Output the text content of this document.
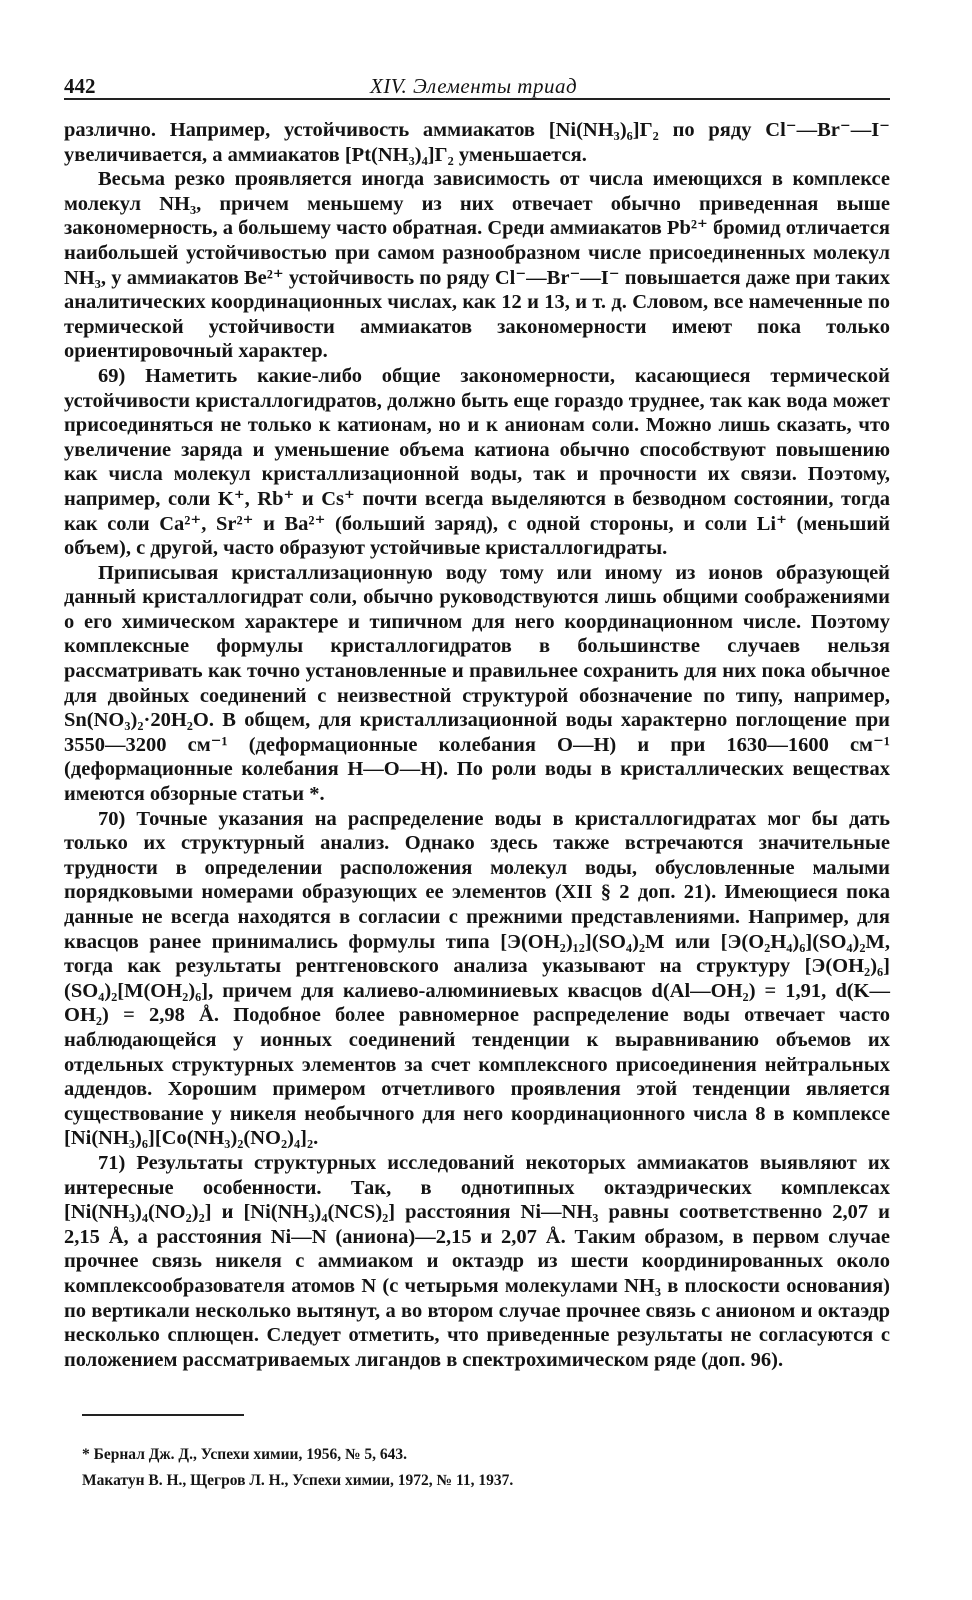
442	XIV. Элементы триад

различно. Например, устойчивость аммиакатов [Ni(NH₃)₆]Г₂ по ряду Cl⁻—Br⁻—I⁻ увеличивается, а аммиакатов [Pt(NH₃)₄]Г₂ уменьшается.

Весьма резко проявляется иногда зависимость от числа имеющихся в комплексе молекул NH₃, причем меньшему из них отвечает обычно приведенная выше закономерность, а большему часто обратная. Среди аммиакатов Pb²⁺ бромид отличается наибольшей устойчивостью при самом разнообразном числе присоединенных молекул NH₃, у аммиакатов Be²⁺ устойчивость по ряду Cl⁻—Br⁻—I⁻ повышается даже при таких аналитических координационных числах, как 12 и 13, и т. д. Словом, все намеченные по термической устойчивости аммиакатов закономерности имеют пока только ориентировочный характер.

69) Наметить какие-либо общие закономерности, касающиеся термической устойчивости кристаллогидратов, должно быть еще гораздо труднее, так как вода может присоединяться не только к катионам, но и к анионам соли. Можно лишь сказать, что увеличение заряда и уменьшение объема катиона обычно способствуют повышению как числа молекул кристаллизационной воды, так и прочности их связи. Поэтому, например, соли K⁺, Rb⁺ и Cs⁺ почти всегда выделяются в безводном состоянии, тогда как соли Ca²⁺, Sr²⁺ и Ba²⁺ (больший заряд), с одной стороны, и соли Li⁺ (меньший объем), с другой, часто образуют устойчивые кристаллогидраты.

Приписывая кристаллизационную воду тому или иному из ионов образующей данный кристаллогидрат соли, обычно руководствуются лишь общими соображениями о его химическом характере и типичном для него координационном числе. Поэтому комплексные формулы кристаллогидратов в большинстве случаев нельзя рассматривать как точно установленные и правильнее сохранить для них пока обычное для двойных соединений с неизвестной структурой обозначение по типу, например, Sn(NO₃)₂·20H₂O. В общем, для кристаллизационной воды характерно поглощение при 3550—3200 см⁻¹ (деформационные колебания O—H) и при 1630—1600 см⁻¹ (деформационные колебания H—O—H). По роли воды в кристаллических веществах имеются обзорные статьи *.

70) Точные указания на распределение воды в кристаллогидратах мог бы дать только их структурный анализ. Однако здесь также встречаются значительные трудности в определении расположения молекул воды, обусловленные малыми порядковыми номерами образующих ее элементов (XII § 2 доп. 21). Имеющиеся пока данные не всегда находятся в согласии с прежними представлениями. Например, для квасцов ранее принимались формулы типа [Э(OH₂)₁₂](SO₄)₂M или [Э(O₂H₄)₆](SO₄)₂M, тогда как результаты рентгеновского анализа указывают на структуру [Э(OH₂)₆](SO₄)₂[M(OH₂)₆], причем для калиево-алюминиевых квасцов d(Al—OH₂) = 1,91, d(K—OH₂) = 2,98 Å. Подобное более равномерное распределение воды отвечает часто наблюдающейся у ионных соединений тенденции к выравниванию объемов их отдельных структурных элементов за счет комплексного присоединения нейтральных аддендов. Хорошим примером отчетливого проявления этой тенденции является существование у никеля необычного для него координационного числа 8 в комплексе [Ni(NH₃)₆][Co(NH₃)₂(NO₂)₄]₂.

71) Результаты структурных исследований некоторых аммиакатов выявляют их интересные особенности. Так, в однотипных октаэдрических комплексах [Ni(NH₃)₄(NO₂)₂] и [Ni(NH₃)₄(NCS)₂] расстояния Ni—NH₃ равны соответственно 2,07 и 2,15 Å, а расстояния Ni—N (аниона)—2,15 и 2,07 Å. Таким образом, в первом случае прочнее связь никеля с аммиаком и октаэдр из шести координированных около комплексообразователя атомов N (с четырьмя молекулами NH₃ в плоскости основания) по вертикали несколько вытянут, а во втором случае прочнее связь с анионом и октаэдр несколько сплющен. Следует отметить, что приведенные результаты не согласуются с положением рассматриваемых лигандов в спектрохимическом ряде (доп. 96).

* Бернал Дж. Д., Успехи химии, 1956, № 5, 643.

Макатун В. Н., Щегров Л. Н., Успехи химии, 1972, № 11, 1937.
